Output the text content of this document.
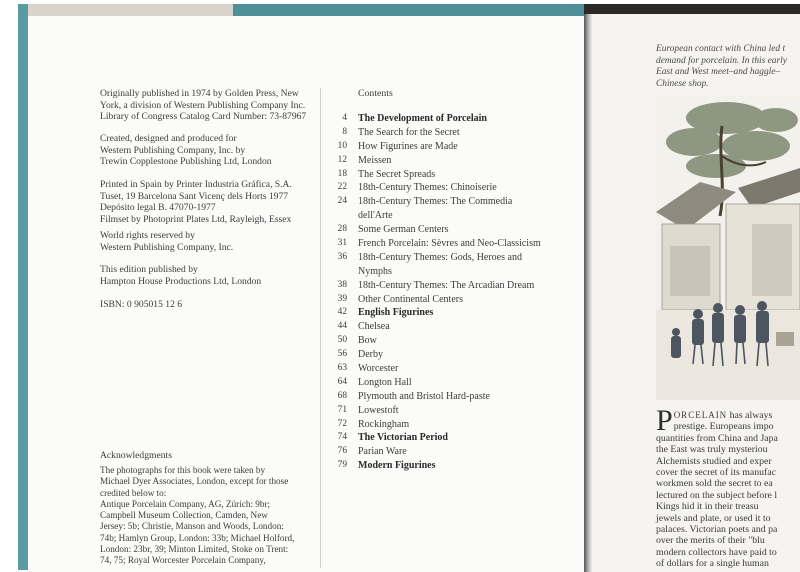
Originally published in 1974 by Golden Press, New
York, a division of Western Publishing Company Inc.
Library of Congress Catalog Card Number: 73-87967
Created, designed and produced for
Western Publishing Company, Inc. by
Trewin Copplestone Publishing Ltd, London
Printed in Spain by Printer Industria Gráfica, S.A.
Tuset, 19 Barcelona Sant Vicenç dels Horts 1977
Depósito legal B. 47070-1977
Filmset by Photoprint Plates Ltd, Rayleigh, Essex
World rights reserved by
Western Publishing Company, Inc.
This edition published by
Hampton House Productions Ltd, London
ISBN: 0 905015 12 6
Acknowledgments
The photographs for this book were taken by
Michael Dyer Associates, London, except for those
credited below to:
Antique Porcelain Company, AG, Zürich: 9br;
Campbell Museum Collection, Camden, New
Jersey: 5b; Christie, Manson and Woods, London:
74b; Hamlyn Group, London: 33b; Michael Holford,
London: 23br, 39; Minton Limited, Stoke on Trent:
74, 75; Royal Worcester Porcelain Company,
Contents
4 The Development of Porcelain
8 The Search for the Secret
10 How Figurines are Made
12 Meissen
18 The Secret Spreads
22 18th-Century Themes: Chinoiserie
24 18th-Century Themes: The Commedia
dell'Arte
28 Some German Centers
31 French Porcelain: Sèvres and Neo-Classicism
36 18th-Century Themes: Gods, Heroes and
Nymphs
38 18th-Century Themes: The Arcadian Dream
39 Other Continental Centers
42 English Figurines
44 Chelsea
50 Bow
56 Derby
63 Worcester
64 Longton Hall
68 Plymouth and Bristol Hard-paste
71 Lowestoft
72 Rockingham
74 The Victorian Period
76 Parian Ware
79 Modern Figurines
European contact with China led t
demand for porcelain. In this early
East and West meet–and haggle–
Chinese shop.
PORCELAIN has always
prestige. Europeans impo
quantities from China and Japa
the East was truly mysteriou
Alchemists studied and exper
cover the secret of its manufac
workmen sold the secret to ea
lectured on the subject before l
Kings hid it in their treasu
jewels and plate, or used it to
palaces. Victorian poets and pa
over the merits of their "blu
modern collectors have paid to
of dollars for a single human
